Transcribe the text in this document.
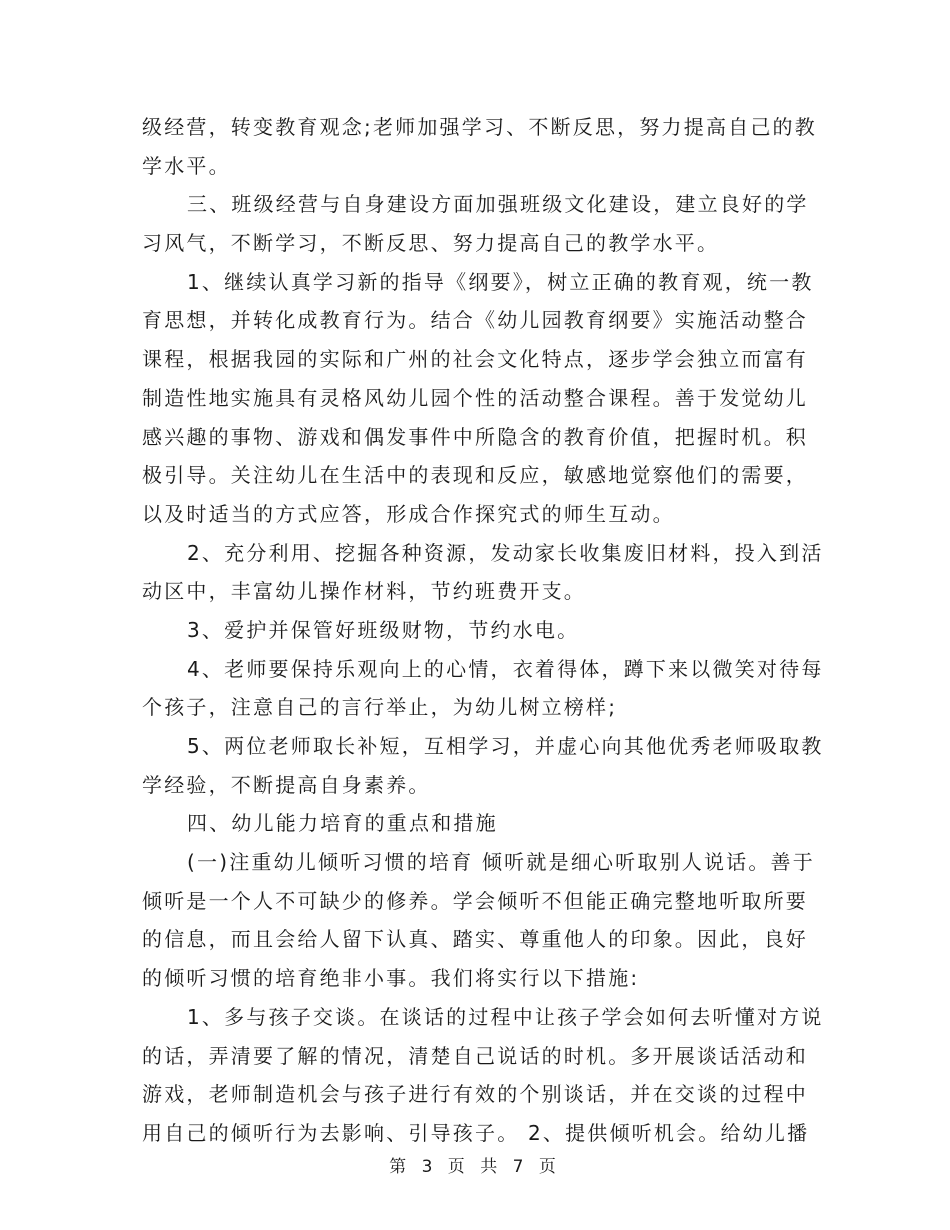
级经营，转变教育观念;老师加强学习、不断反思，努力提高自己的教
学水平。
三、班级经营与自身建设方面加强班级文化建设，建立良好的学
习风气，不断学习，不断反思、努力提高自己的教学水平。
1、继续认真学习新的指导《纲要》，树立正确的教育观，统一教
育思想，并转化成教育行为。结合《幼儿园教育纲要》实施活动整合
课程，根据我园的实际和广州的社会文化特点，逐步学会独立而富有
制造性地实施具有灵格风幼儿园个性的活动整合课程。善于发觉幼儿
感兴趣的事物、游戏和偶发事件中所隐含的教育价值，把握时机。积
极引导。关注幼儿在生活中的表现和反应，敏感地觉察他们的需要，
以及时适当的方式应答，形成合作探究式的师生互动。
2、充分利用、挖掘各种资源，发动家长收集废旧材料，投入到活
动区中，丰富幼儿操作材料，节约班费开支。
3、爱护并保管好班级财物，节约水电。
4、老师要保持乐观向上的心情，衣着得体，蹲下来以微笑对待每
个孩子，注意自己的言行举止，为幼儿树立榜样;
5、两位老师取长补短，互相学习，并虚心向其他优秀老师吸取教
学经验，不断提高自身素养。
四、幼儿能力培育的重点和措施
(一)注重幼儿倾听习惯的培育 倾听就是细心听取别人说话。善于
倾听是一个人不可缺少的修养。学会倾听不但能正确完整地听取所要
的信息，而且会给人留下认真、踏实、尊重他人的印象。因此，良好
的倾听习惯的培育绝非小事。我们将实行以下措施:
1、多与孩子交谈。在谈话的过程中让孩子学会如何去听懂对方说
的话，弄清要了解的情况，清楚自己说话的时机。多开展谈话活动和
游戏，老师制造机会与孩子进行有效的个别谈话，并在交谈的过程中
用自己的倾听行为去影响、引导孩子。 2、提供倾听机会。给幼儿播
第 3 页 共 7 页
